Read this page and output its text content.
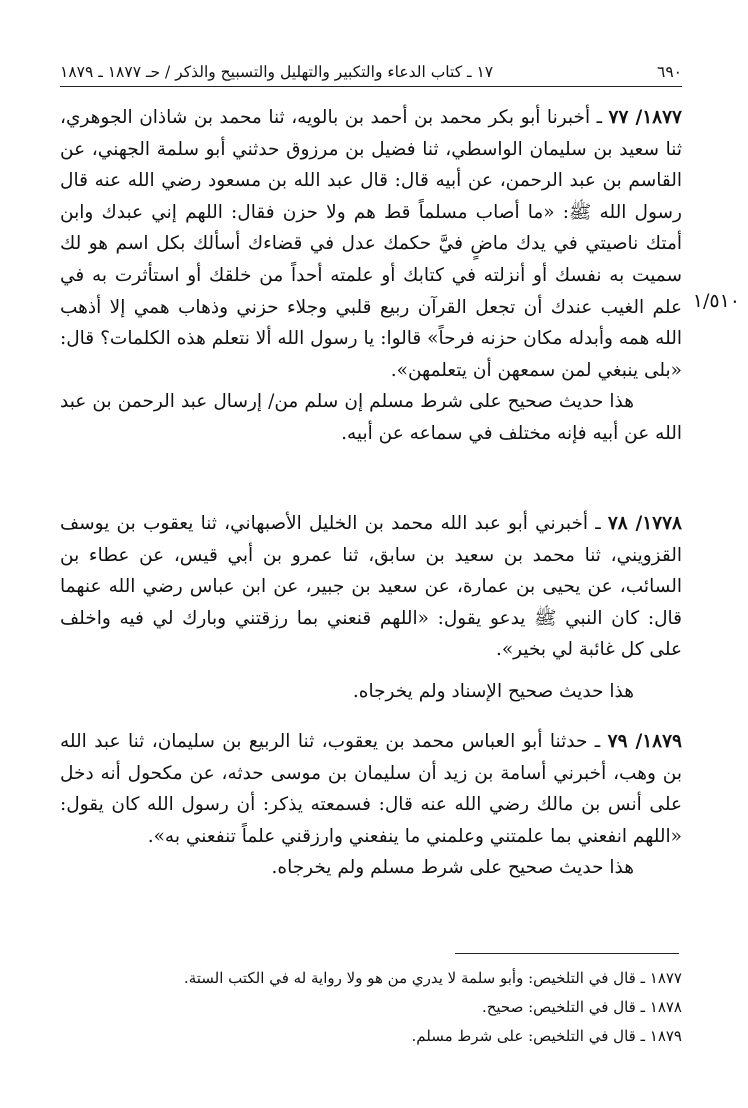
٦٩٠
١٧ ـ كتاب الدعاء والتكبير والتهليل والتسبيح والذكر / حـ ١٨٧٧ ـ ١٨٧٩

١٨٧٧/ ٧٧ ـ أخبرنا أبو بكر محمد بن أحمد بن بالويه، ثنا محمد بن شاذان الجوهري، ثنا سعيد بن سليمان الواسطي، ثنا فضيل بن مرزوق حدثني أبو سلمة الجهني، عن القاسم بن عبد الرحمن، عن أبيه قال: قال عبد الله بن مسعود رضي الله عنه قال رسول الله ﷺ: «ما أصاب مسلماً قط هم ولا حزن فقال: اللهم إني عبدك وابن أمتك ناصيتي في يدك ماضٍ فيَّ حكمك عدل في قضاءك أسألك بكل اسم هو لك سميت به نفسك أو أنزلته في كتابك أو علمته أحداً من خلقك أو استأثرت به في علم الغيب عندك أن تجعل القرآن ربيع قلبي وجلاء حزني وذهاب همي إلا أذهب الله همه وأبدله مكان حزنه فرحاً» قالوا: يا رسول الله ألا نتعلم هذه الكلمات؟ قال: «بلى ينبغي لمن سمعهن أن يتعلمهن».

١/٥١٠

هذا حديث صحيح على شرط مسلم إن سلم من/ إرسال عبد الرحمن بن عبد الله عن أبيه فإنه مختلف في سماعه عن أبيه.

١٧٧٨/ ٧٨ ـ أخبرني أبو عبد الله محمد بن الخليل الأصبهاني، ثنا يعقوب بن يوسف القزويني، ثنا محمد بن سعيد بن سابق، ثنا عمرو بن أبي قيس، عن عطاء بن السائب، عن يحيى بن عمارة، عن سعيد بن جبير، عن ابن عباس رضي الله عنهما قال: كان النبي ﷺ يدعو يقول: «اللهم قنعني بما رزقتني وبارك لي فيه واخلف على كل غائبة لي بخير».

هذا حديث صحيح الإسناد ولم يخرجاه.

١٨٧٩/ ٧٩ ـ حدثنا أبو العباس محمد بن يعقوب، ثنا الربيع بن سليمان، ثنا عبد الله بن وهب، أخبرني أسامة بن زيد أن سليمان بن موسى حدثه، عن مكحول أنه دخل على أنس بن مالك رضي الله عنه قال: فسمعته يذكر: أن رسول الله كان يقول: «اللهم انفعني بما علمتني وعلمني ما ينفعني وارزقني علماً تنفعني به».

هذا حديث صحيح على شرط مسلم ولم يخرجاه.

١٨٧٧ ـ قال في التلخيص: وأبو سلمة لا يدري من هو ولا رواية له في الكتب الستة.

١٨٧٨ ـ قال في التلخيص: صحيح.

١٨٧٩ ـ قال في التلخيص: على شرط مسلم.
